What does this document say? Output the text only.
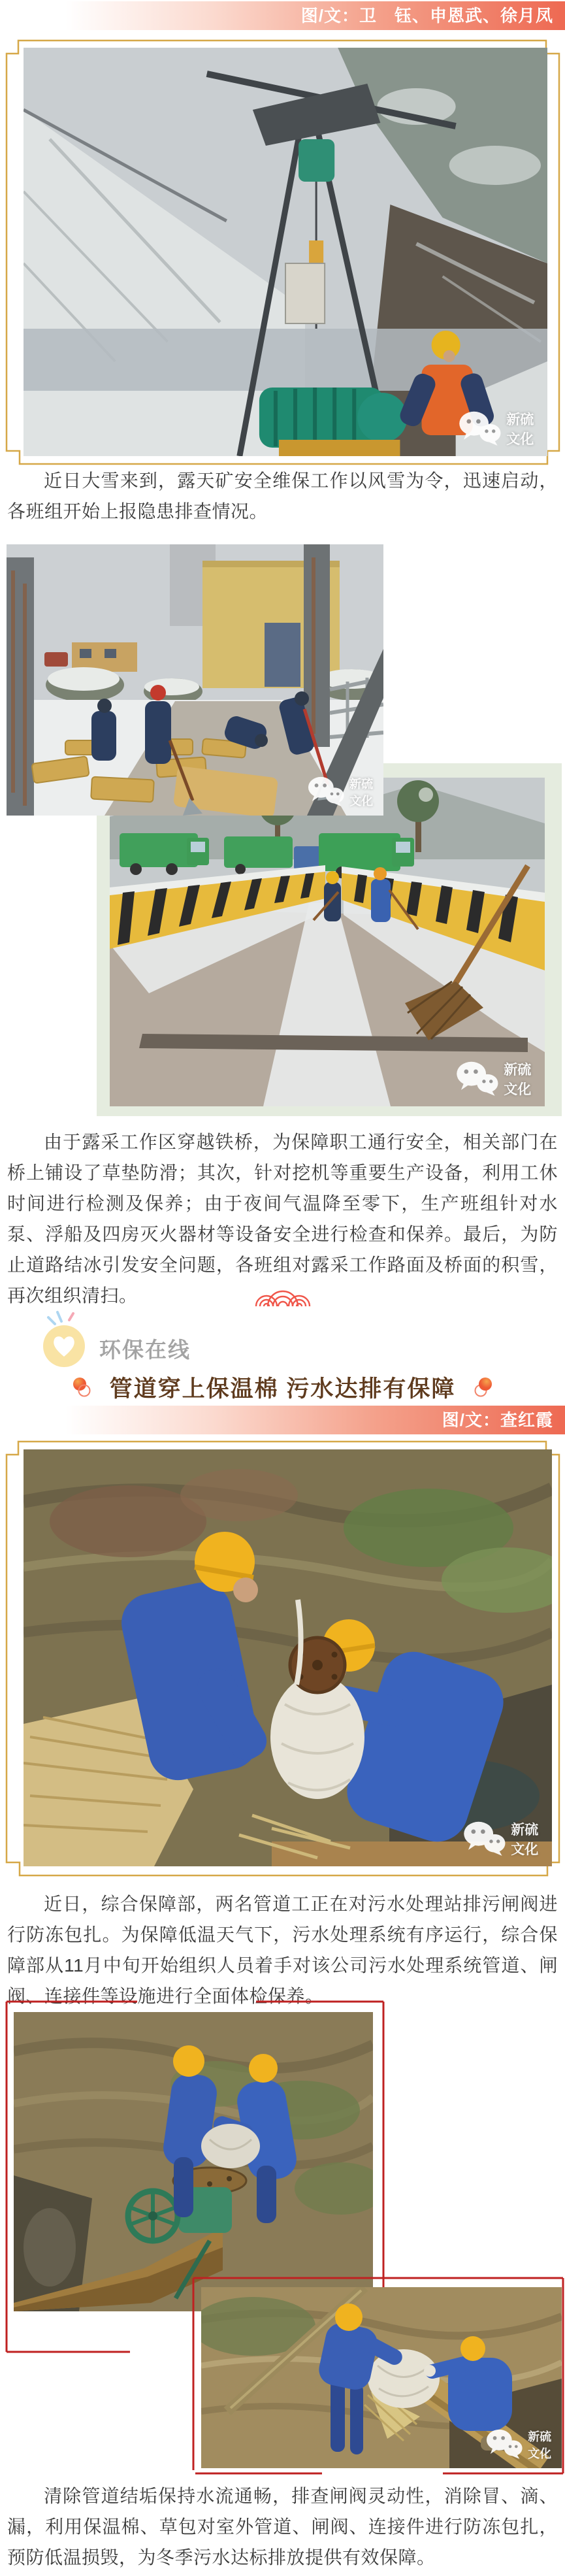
图/文：卫　钰、申恩武、徐月凤
新硫文化
近日大雪来到，露天矿安全维保工作以风雪为令，迅速启动，各班组开始上报隐患排查情况。
新硫文化
新硫文化
由于露采工作区穿越铁桥，为保障职工通行安全，相关部门在桥上铺设了草垫防滑；其次，针对挖机等重要生产设备，利用工休时间进行检测及保养；由于夜间气温降至零下，生产班组针对水泵、浮船及四房灭火器材等设备安全进行检查和保养。最后，为防止道路结冰引发安全问题，各班组对露采工作路面及桥面的积雪，再次组织清扫。
环保在线
管道穿上保温棉 污水达排有保障
图/文：查红霞
新硫文化
近日，综合保障部，两名管道工正在对污水处理站排污闸阀进行防冻包扎。为保障低温天气下，污水处理系统有序运行，综合保障部从11月中旬开始组织人员着手对该公司污水处理系统管道、闸阀、连接件等设施进行全面体检保养。
新硫文化
清除管道结垢保持水流通畅，排查闸阀灵动性，消除冒、滴、漏，利用保温棉、草包对室外管道、闸阀、连接件进行防冻包扎，预防低温损毁，为冬季污水达标排放提供有效保障。
